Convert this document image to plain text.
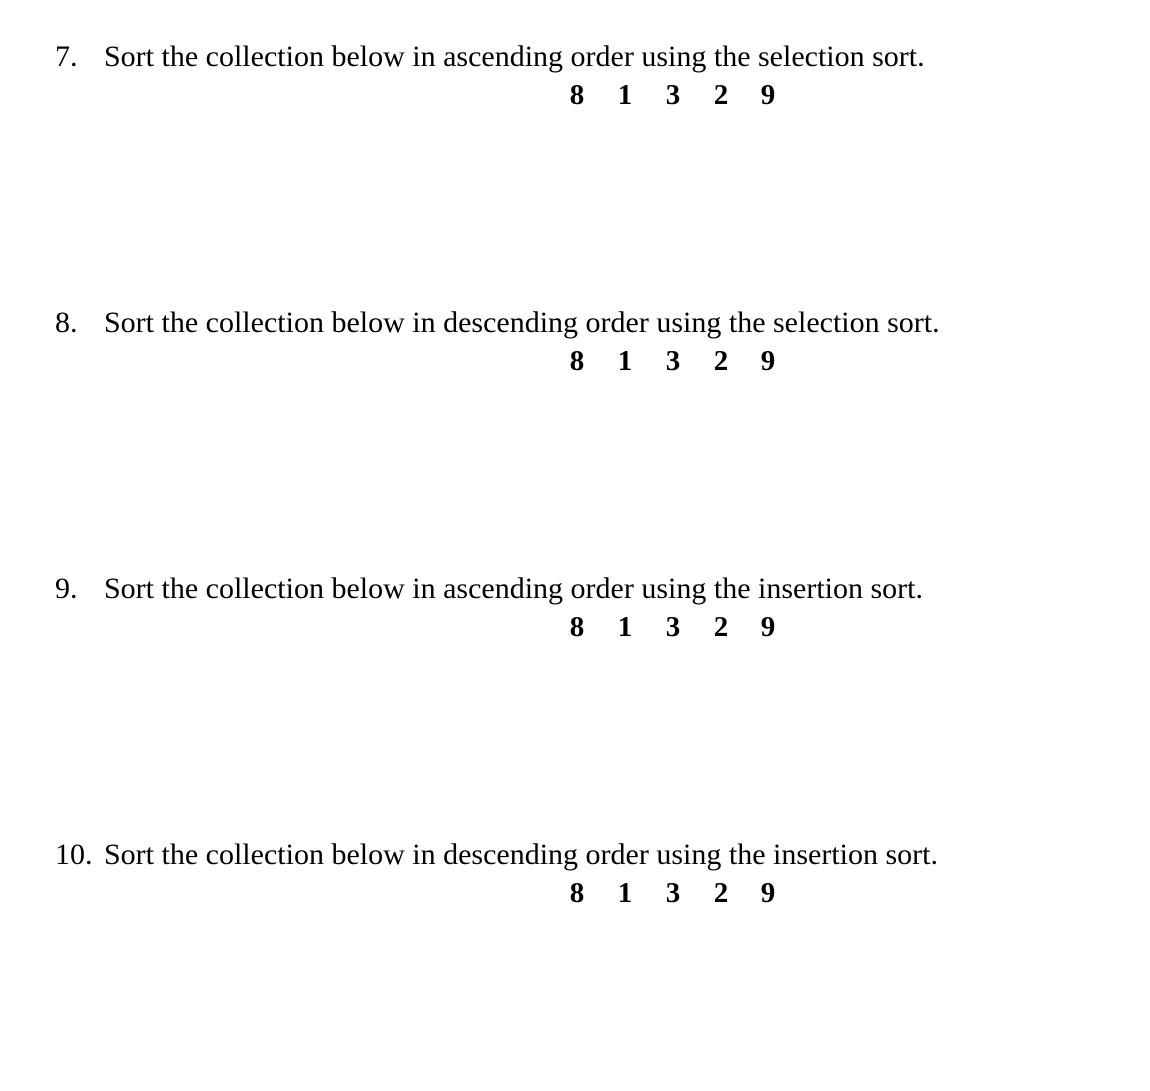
7. Sort the collection below in ascending order using the selection sort.
8 1 3 2 9
8. Sort the collection below in descending order using the selection sort.
8 1 3 2 9
9. Sort the collection below in ascending order using the insertion sort.
8 1 3 2 9
10. Sort the collection below in descending order using the insertion sort.
8 1 3 2 9
